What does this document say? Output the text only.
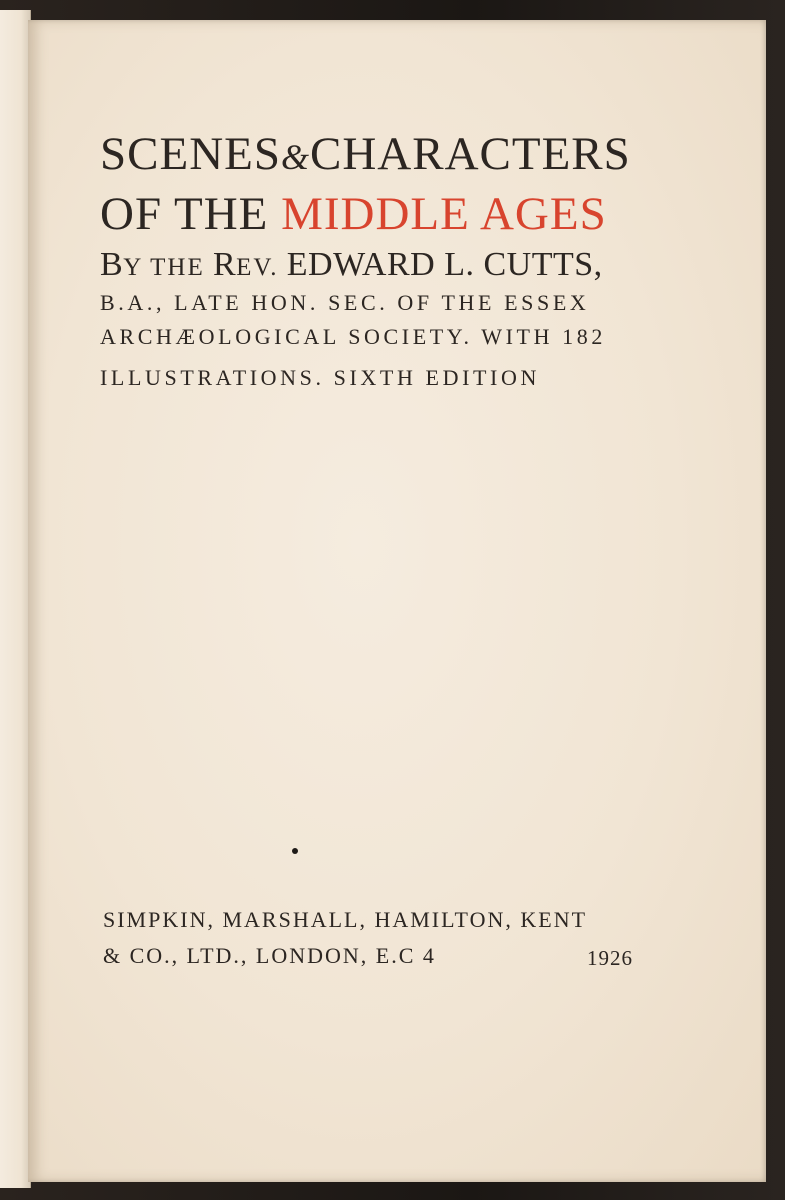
SCENES&CHARACTERS
OF THE MIDDLE AGES

BY THE REV. EDWARD L. CUTTS,

B.A., LATE HON. SEC. OF THE ESSEX

ARCHÆOLOGICAL SOCIETY. WITH 182

ILLUSTRATIONS. SIXTH EDITION

SIMPKIN, MARSHALL, HAMILTON, KENT

& CO., LTD., LONDON, E.C 4	1926
